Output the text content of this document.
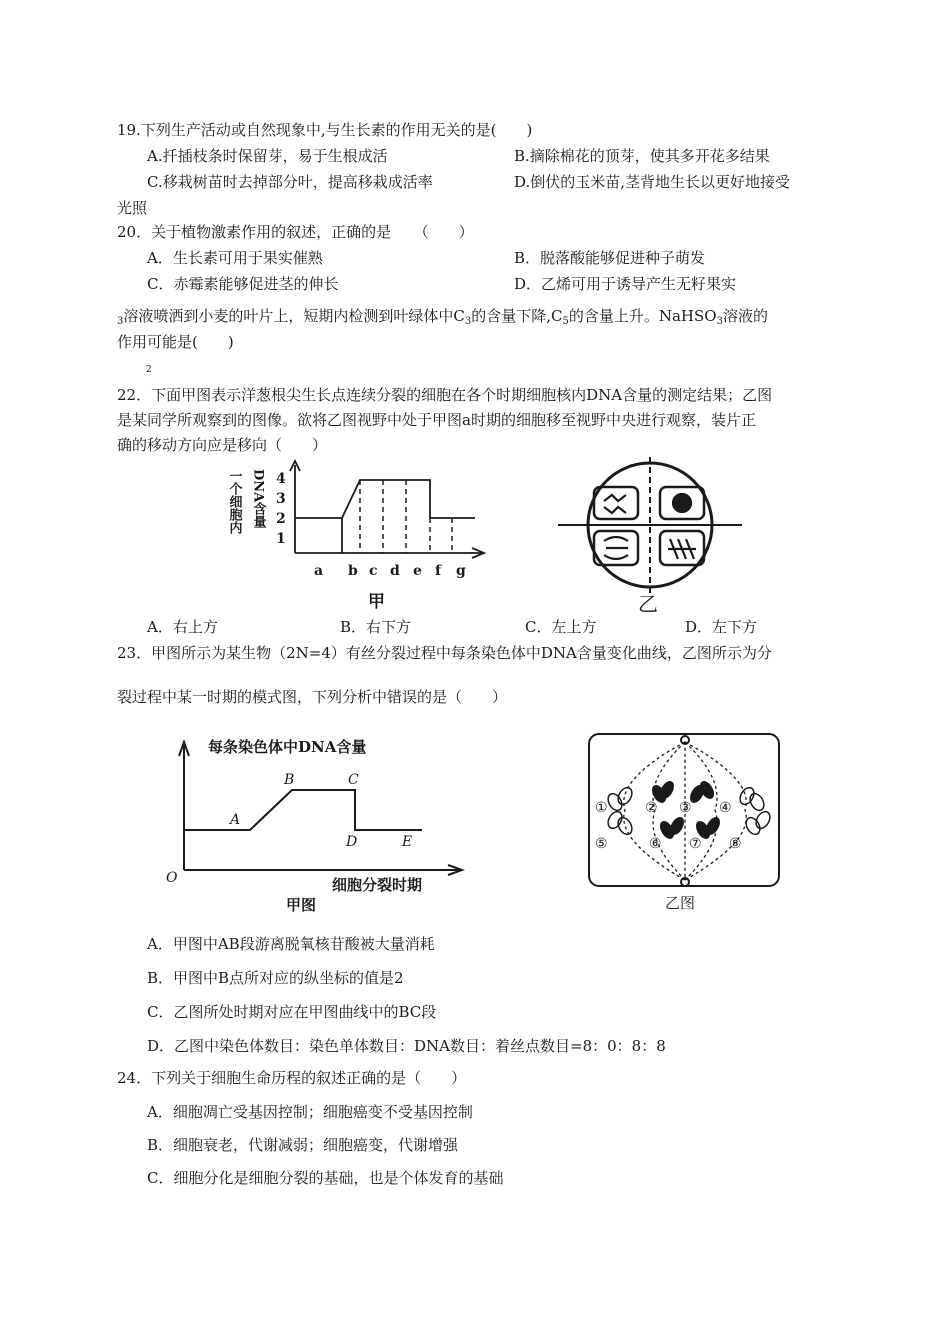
19.下列生产活动或自然现象中,与生长素的作用无关的是(　　)
A.扦插枝条时保留芽，易于生根成活	B.摘除棉花的顶芽，使其多开花多结果
C.移栽树苗时去掉部分叶，提高移栽成活率	D.倒伏的玉米苗,茎背地生长以更好地接受
光照
20．关于植物激素作用的叙述，正确的是　　（　　）
A．生长素可用于果实催熟	B．脱落酸能够促进种子萌发
C．赤霉素能够促进茎的伸长	D．乙烯可用于诱导产生无籽果实
$_3$溶液喷洒到小麦的叶片上，短期内检测到叶绿体中$C_3$的含量下降$,C_5$的含量上升。NaHSO$_3$溶液的
作用可能是(　　)
2
22．下面甲图表示洋葱根尖生长点连续分裂的细胞在各个时期细胞核内DNA含量的测定结果；乙图
是某同学所观察到的图像。欲将乙图视野中处于甲图a时期的细胞移至视野中央进行观察，装片正
确的移动方向应是移向（　　）
4
3
2
1
a b c d e f g
甲
DNA含量
一个细胞内
乙
A．右上方	B．右下方	C．左上方	D．左下方
23．甲图所示为某生物（2N=4）有丝分裂过程中每条染色体中DNA含量变化曲线，乙图所示为分
裂过程中某一时期的模式图，下列分析中错误的是（　　）
每条染色体中DNA含量
细胞分裂时期
甲图
O
A
B	C
D	E
①	② ③ ④
⑤	⑥ ⑦ ⑧
乙图
A．甲图中AB段游离脱氧核苷酸被大量消耗
B．甲图中B点所对应的纵坐标的值是2
C．乙图所处时期对应在甲图曲线中的BC段
D．乙图中染色体数目：染色单体数目：DNA数目：着丝点数目=8：0：8：8
24．下列关于细胞生命历程的叙述正确的是（　　）
A．细胞凋亡受基因控制；细胞癌变不受基因控制
B．细胞衰老，代谢减弱；细胞癌变，代谢增强
C．细胞分化是细胞分裂的基础，也是个体发育的基础
